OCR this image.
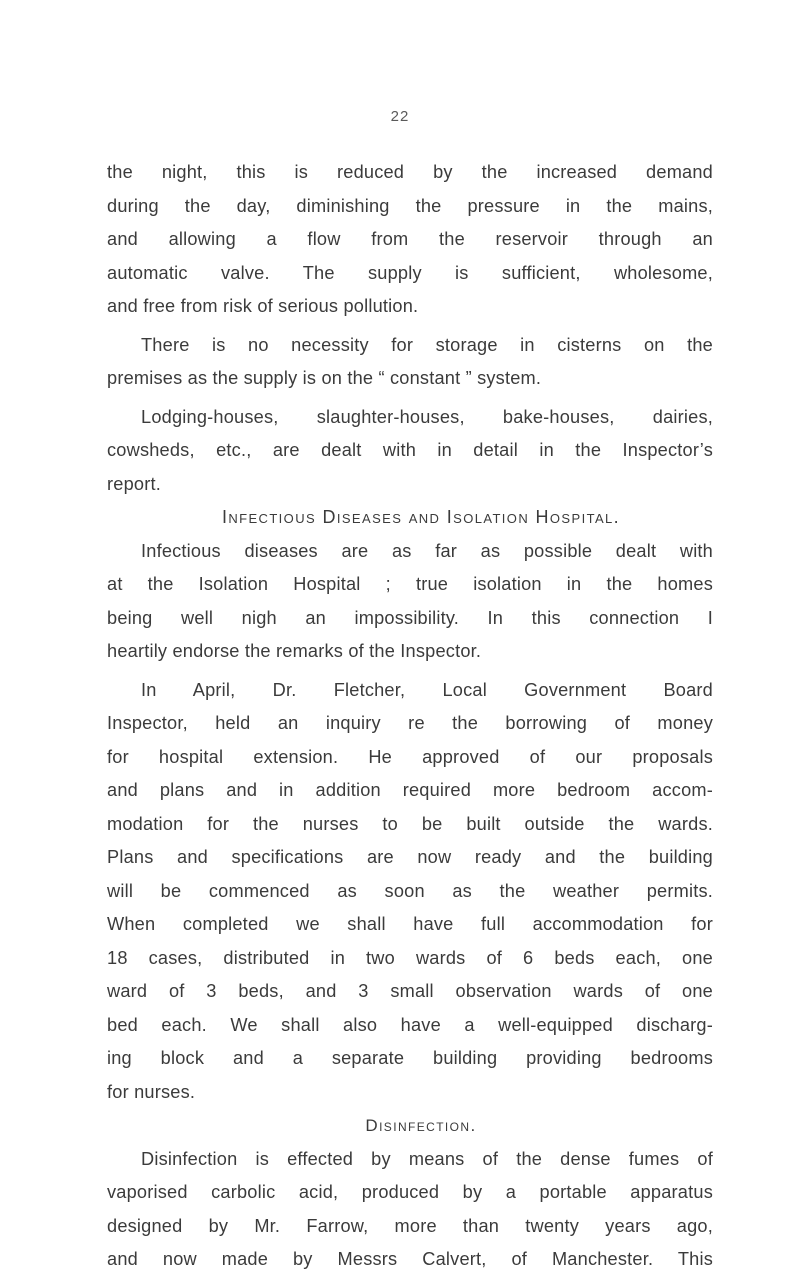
22
the night, this is reduced by the increased demand
during the day, diminishing the pressure in the mains,
and allowing a flow from the reservoir through an
automatic valve. The supply is sufficient, wholesome,
and free from risk of serious pollution.
There is no necessity for storage in cisterns on the
premises as the supply is on the “ constant ” system.
Lodging-houses, slaughter-houses, bake-houses, dairies,
cowsheds, etc., are dealt with in detail in the Inspector’s
report.
Infectious Diseases and Isolation Hospital.
Infectious diseases are as far as possible dealt with
at the Isolation Hospital ; true isolation in the homes
being well nigh an impossibility. In this connection I
heartily endorse the remarks of the Inspector.
In April, Dr. Fletcher, Local Government Board
Inspector, held an inquiry re the borrowing of money
for hospital extension. He approved of our proposals
and plans and in addition required more bedroom accom-
modation for the nurses to be built outside the wards.
Plans and specifications are now ready and the building
will be commenced as soon as the weather permits.
When completed we shall have full accommodation for
18 cases, distributed in two wards of 6 beds each, one
ward of 3 beds, and 3 small observation wards of one
bed each. We shall also have a well-equipped discharg-
ing block and a separate building providing bedrooms
for nurses.
Disinfection.
Disinfection is effected by means of the dense fumes of
vaporised carbolic acid, produced by a portable apparatus
designed by Mr. Farrow, more than twenty years ago,
and now made by Messrs Calvert, of Manchester. This
